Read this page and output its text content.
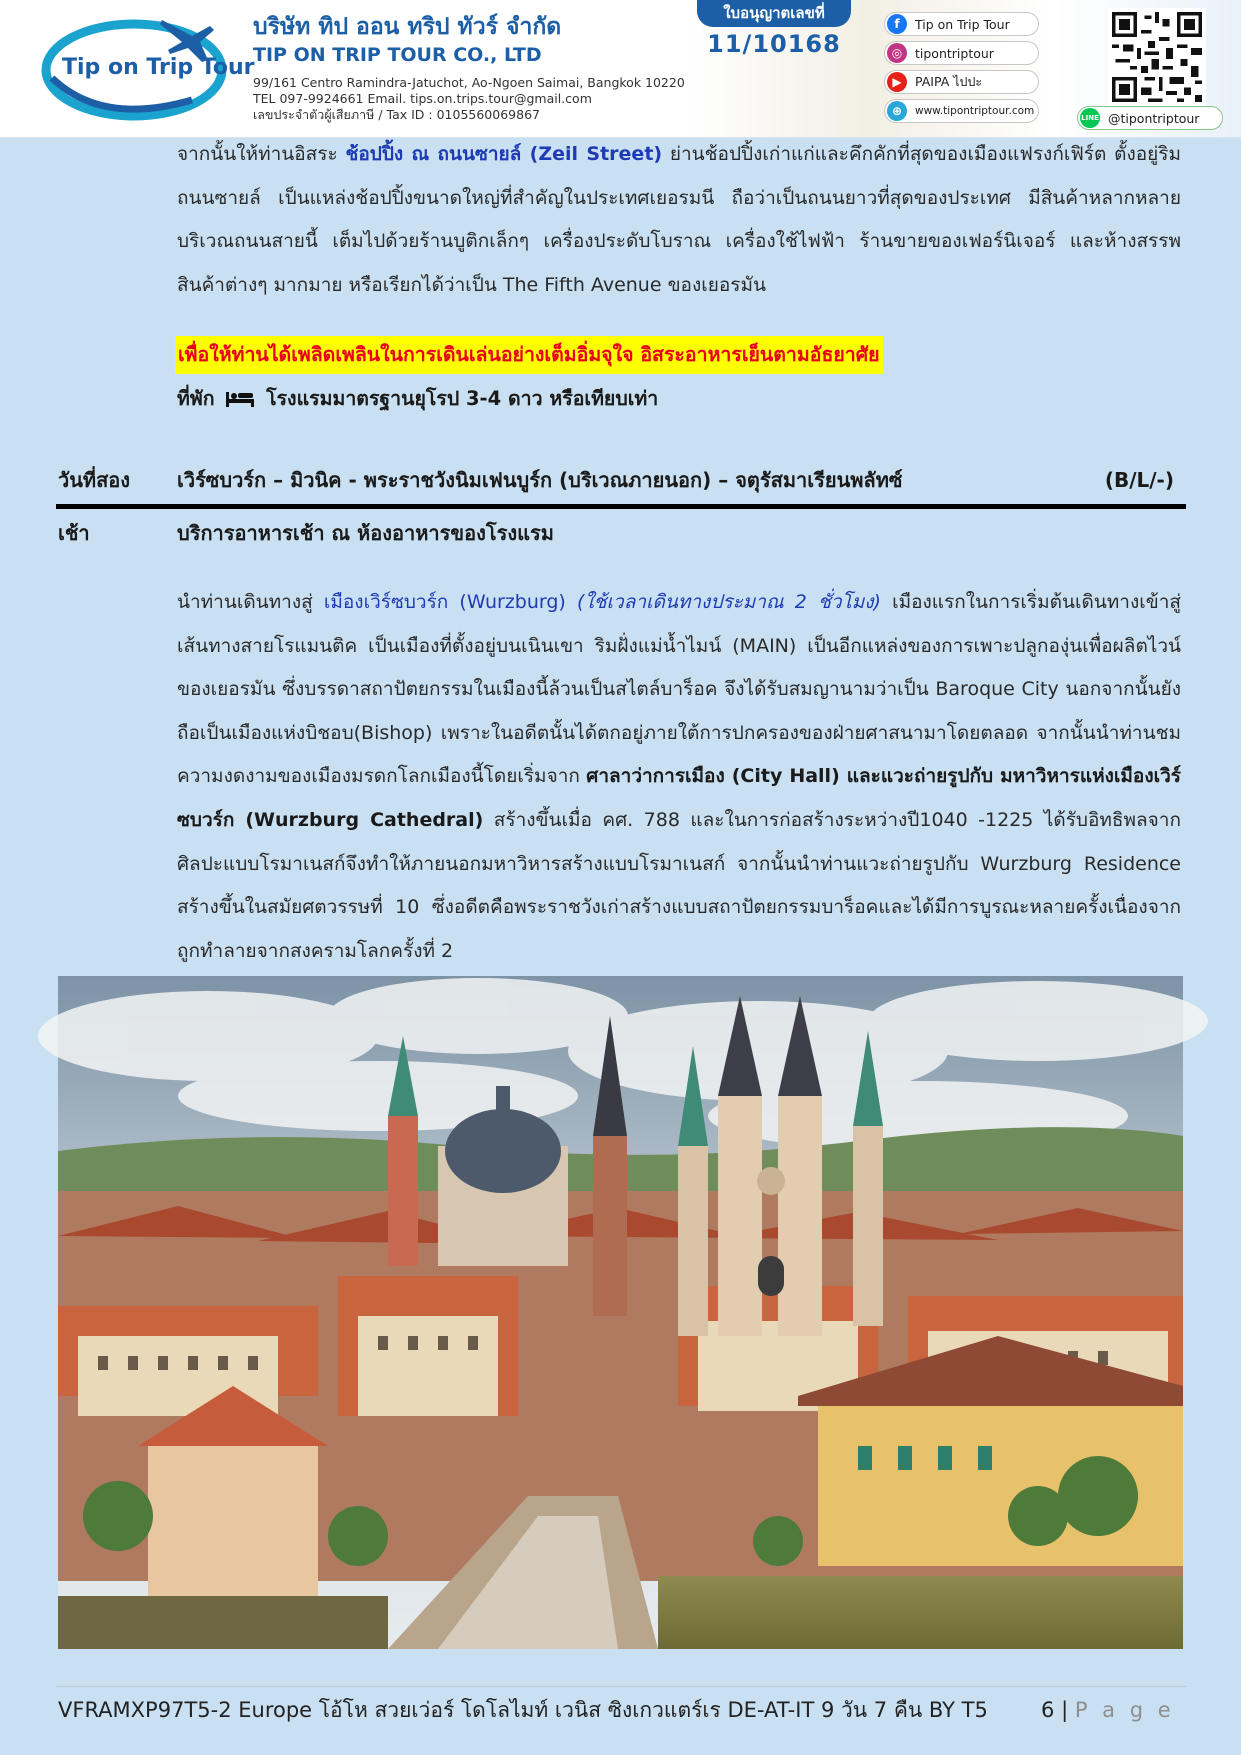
Tip on Trip Tour
บริษัท ทิป ออน ทริป ทัวร์ จำกัด
TIP ON TRIP TOUR CO., LTD
99/161 Centro Ramindra-Jatuchot, Ao-Ngoen Saimai, Bangkok 10220
TEL 097-9924661 Email. tips.on.trips.tour@gmail.com
เลขประจำตัวผู้เสียภาษี / Tax ID : 0105560069867
ใบอนุญาตเลขที่
11/10168
f	Tip on Trip Tour
◎	tipontriptour
▶	PAIPA ไปปะ
⊕	www.tipontriptour.com
LINE @tipontriptour
จากนั้นให้ท่านอิสระ ช้อปปิ้ง ณ ถนนซายล์ (Zeil Street) ย่านช้อปปิ้งเก่าแก่และคึกคักที่สุดของเมืองแฟรงก์เฟิร์ต ตั้งอยู่ริมถนนซายล์ เป็นแหล่งช้อปปิ้งขนาดใหญ่ที่สำคัญในประเทศเยอรมนี ถือว่าเป็นถนนยาวที่สุดของประเทศ มีสินค้าหลากหลายบริเวณถนนสายนี้ เต็มไปด้วยร้านบูติกเล็กๆ เครื่องประดับโบราณ เครื่องใช้ไฟฟ้า ร้านขายของเฟอร์นิเจอร์ และห้างสรรพสินค้าต่างๆ มากมาย หรือเรียกได้ว่าเป็น The Fifth Avenue ของเยอรมัน
เพื่อให้ท่านได้เพลิดเพลินในการเดินเล่นอย่างเต็มอิ่มจุใจ อิสระอาหารเย็นตามอัธยาศัย
ที่พัก	โรงแรมมาตรฐานยุโรป 3-4 ดาว หรือเทียบเท่า
วันที่สอง เวิร์ซบวร์ก – มิวนิค - พระราชวังนิมเฟนบูร์ก (บริเวณภายนอก) – จตุรัสมาเรียนพลัทซ์	(B/L/-)
เช้า	บริการอาหารเช้า ณ ห้องอาหารของโรงแรม
นำท่านเดินทางสู่ เมืองเวิร์ซบวร์ก (Wurzburg) (ใช้เวลาเดินทางประมาณ 2 ชั่วโมง) เมืองแรกในการเริ่มต้นเดินทางเข้าสู่เส้นทางสายโรแมนติค เป็นเมืองที่ตั้งอยู่บนเนินเขา ริมฝั่งแม่น้ำไมน์ (MAIN) เป็นอีกแหล่งของการเพาะปลูกองุ่นเพื่อผลิตไวน์ของเยอรมัน ซึ่งบรรดาสถาปัตยกรรมในเมืองนี้ล้วนเป็นสไตล์บาร็อค จึงได้รับสมญานามว่าเป็น Baroque City นอกจากนั้นยังถือเป็นเมืองแห่งบิชอบ(Bishop) เพราะในอดีตนั้นได้ตกอยู่ภายใต้การปกครองของฝ่ายศาสนามาโดยตลอด จากนั้นนำท่านชมความงดงามของเมืองมรดกโลกเมืองนี้โดยเริ่มจาก ศาลาว่าการเมือง (City Hall) และแวะถ่ายรูปกับ มหาวิหารแห่งเมืองเวิร์ซบวร์ก (Wurzburg Cathedral) สร้างขึ้นเมื่อ คศ. 788 และในการก่อสร้างระหว่างปี1040 -1225 ได้รับอิทธิพลจากศิลปะแบบโรมาเนสก์จึงทำให้ภายนอกมหาวิหารสร้างแบบโรมาเนสก์ จากนั้นนำท่านแวะถ่ายรูปกับ Wurzburg Residence สร้างขึ้นในสมัยศตวรรษที่ 10 ซึ่งอดีตคือพระราชวังเก่าสร้างแบบสถาปัตยกรรมบาร็อคและได้มีการบูรณะหลายครั้งเนื่องจากถูกทำลายจากสงครามโลกครั้งที่ 2
VFRAMXP97T5-2 Europe โอ้โห สวยเว่อร์ โดโลไมท์ เวนิส ซิงเกวแตร์เร DE-AT-IT 9 วัน 7 คืน BY T5	6 | P a g e
